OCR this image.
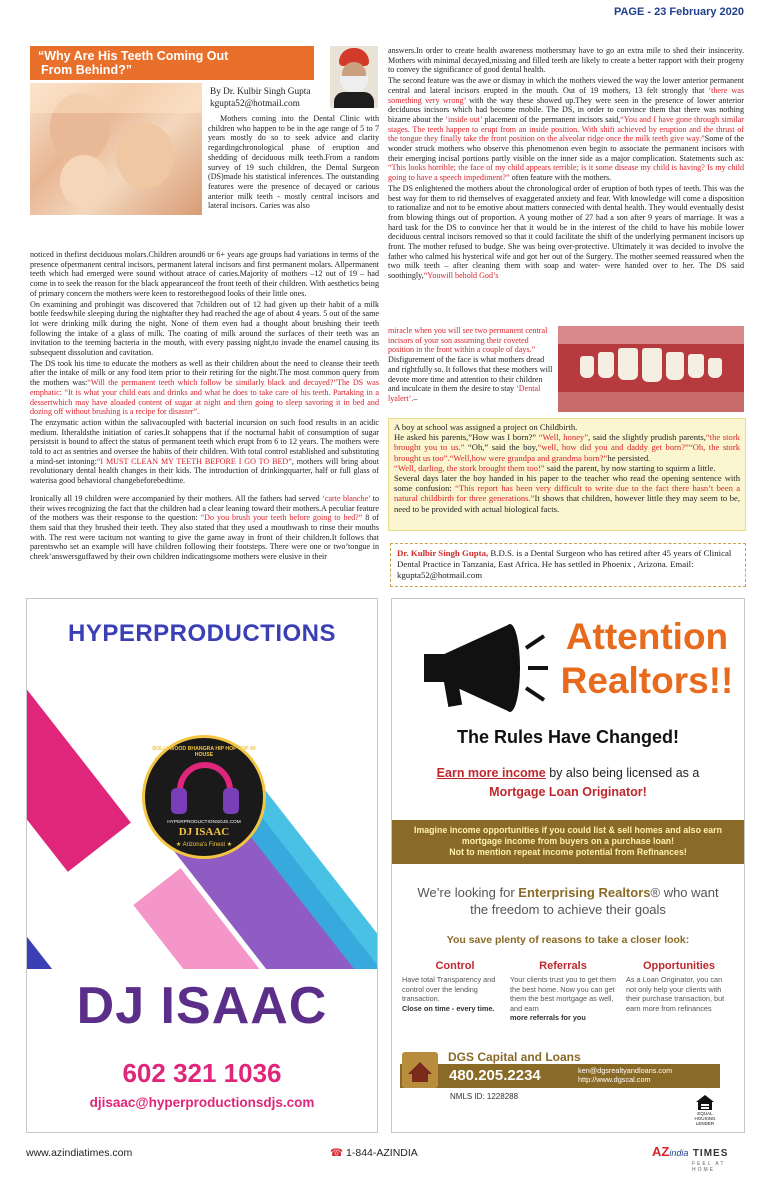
PAGE - 23 February 2020
“Why Are His Teeth Coming Out
From Behind?”
By Dr. Kulbir Singh Gupta
kgupta52@hotmail.com

Mothers coming into the Dental Clinic with children who happen to be in the age range of 5 to 7 years mostly do so to seek advice and clarity regardingchronological phase of eruption and shedding of deciduous milk teeth.From a random survey of 19 such children, the Dental Surgeon (DS)made his statistical inferences. The outstanding features were the presence of decayed or carious anterior milk teeth - mostly central incisors and lateral incisors. Caries was also

noticed in thefirst deciduous molars.Children around6 or 6+ years age groups had variations in terms of the presence ofpermanent central incisors, permanent lateral incisors and first permanent molars. Allpermanent teeth which had emerged were sound without atrace of caries.Majority of mothers –12 out of 19 – had come in to seek the reason for the black appearanceof the front teeth of their children. With aesthetics being of primary concern the mothers were keen to restorethegood looks of their little ones.

On examining and probingit was discovered that 7children out of 12 had given up their habit of a milk bottle feedswhile sleeping during the nightafter they had reached the age of about 4 years. 5 out of the same lot were drinking milk during the night. None of them even had a thought about brushing their teeth following the intake of a glass of milk. The coating of milk around the surfaces of their teeth was an invitation to the teeming bacteria in the mouth, with every passing night,to invade the enamel causing its subsequent dissolution and cavitation.

The DS took his time to educate the mothers as well as their children about the need to cleanse their teeth after the intake of milk or any food item prior to their retiring for the night.The most common query from the mothers was:“Will the permanent teeth which follow be similarly black and decayed?”The DS was emphatic: “It is what your child eats and drinks and what he does to take care of his teeth. Partaking in a dessertwhich may have aloaded content of sugar at night and then going to sleep savoring it in bed and dozing off without brushing is a recipe for disaster”.

The enzymatic action within the salivacoupled with bacterial incursion on such food results in an acidic medium. Itheraldsthe initiation of caries.It sohappens that if the nocturnal habit of consumption of sugar persistsit is bound to affect the status of permanent teeth which erupt from 6 to 12 years. The mothers were told to act as sentries and oversee the habits of their children. With total control established and substituting a mind-set intoning:“I MUST CLEAN MY TEETH BEFORE I GO TO BED”, mothers will bring about revolutionary dental health changes in their kids. The introduction of drinkingquarter, half or full glass of waterisa good behavioral changebeforebedtime.

Ironically all 19 children were accompanied by their mothers. All the fathers had served ‘carte blanche’ to their wives recognizing the fact that the children had a clear leaning toward their mothers.A peculiar feature of the mothers was their response to the question: “Do you brush your teeth before going to bed?” 8 of them said that they brushed their teeth. They also stated that they used a mouthwash to rinse their mouths with. The rest were taciturn not wanting to give the game away in front of their children.It follows that parentswho set an example will have children following their footsteps. There were one or two’tongue in cheek’answersguffawed by their own children indicatingsome mothers were elusive in their

answers.In order to create health awareness mothersmay have to go an extra mile to shed their insincerity. Mothers with minimal decayed,missing and filled teeth are likely to create a better rapport with their progeny to convey the significance of good dental health.

The second feature was the awe or dismay in which the mothers viewed the way the lower anterior permanent central and lateral incisors erupted in the mouth. Out of 19 mothers, 13 felt strongly that ‘there was something very wrong’ with the way these showed up.They were seen in the presence of lower anterior deciduous incisors which had become mobile. The DS, in order to convince them that there was nothing bizarre about the ‘inside out’ placement of the permanent incisors said,“You and I have gone through similar stages. The teeth happen to erupt from an inside position. With shift achieved by eruption and the thrust of the tongue they finally take the front position on the alveolar ridge once the milk teeth give way.”Some of the wonder struck mothers who observe this phenomenon even begin to associate the permanent incisors with their emerging incisal portions partly visible on the inner side as a major complication. Statements such as: “This looks horrible; the face of my child appears terrible; is it some disease my child is having? Is my child going to have a speech impediment?” often feature with the mothers.

The DS enlightened the mothers about the chronological order of eruption of both types of teeth. This was the best way for them to rid themselves of exaggerated anxiety and fear. With knowledge will come a disposition to rationalize and not to be emotive about matters connected with dental health. They would eventually desist from blowing things out of proportion. A young mother of 27 had a son after 9 years of marriage. It was a hard task for the DS to convince her that it would be in the interest of the child to have his mobile lower deciduous central incisors removed so that it could facilitate the shift of the underlying permanent incisors up front. The mother refused to budge. She was being over-protective. Ultimately it was decided to involve the father who calmed his hysterical wife and got her out of the Surgery. The mother seemed reassured when the two milk teeth – after cleaning them with soap and water- were handed over to her. The DS said soothingly,“Youwill behold God’s

miracle when you will see two permanent central incisors of your son assuming their coveted position in the front within a couple of days.” Disfigurement of the face is what mothers dread and rightfully so. It follows that these mothers will devote more time and attention to their children and inculcate in them the desire to stay ‘Dental lyalert’.–

A boy at school was assigned a project on Childbirth.

He asked his parents,”How was I born?” “Well, honey”, said the slightly prudish parents,“the stork brought you to us.” “Oh,” said the boy,“well, how did you and daddy get born?”“Oh, the stork brought us too”.“Well,how were grandpa and grandma born?”he persisted.

“Well, darling, the stork brought them too!” said the parent, by now starting to squirm a little.

Several days later the boy handed in his paper to the teacher who read the opening sentence with some confusion: “This report has been very difficult to write due to the fact there hasn’t been a natural childbirth for three generations.”It shows that children, however little they may seem to be, need to be provided with actual biological facts.

Dr. Kulbir Singh Gupta, B.D.S. is a Dental Surgeon who has retired after 45 years of Clinical Dental Practice in Tanzania, East Africa. He has settled in Phoenix , Arizona. Email: kgupta52@hotmail.com
HYPERPRODUCTIONS
BOLLYWOOD BHANGRA HIP HOP TOP 40 HOUSE
HYPERPRODUCTIONSDJS.COM
DJ ISAAC
★ Arizona's Finest ★
DJ ISAAC
602 321 1036
djisaac@hyperproductionsdjs.com
Attention
Realtors!!
The Rules Have Changed!
Earn more income by also being licensed as a
Mortgage Loan Originator!
Imagine income opportunities if you could list & sell homes and also earn
mortgage income from buyers on a purchase loan!
Not to mention repeat income potential from Refinances!
We’re looking for Enterprising Realtors® who want
the freedom to achieve their goals
You save plenty of reasons to take a closer look:
Control
Have total Transparency and control over the lending transaction.
Close on time - every time.
Referrals
Your clients trust you to get them the best home. Now you can get them the best mortgage as well, and earn
more referrals for you
Opportunities
As a Loan Originator, you can not only help your clients with their purchase transaction, but earn more from refinances
DGS Capital and Loans
480.205.2234	ken@dgsrealtyandloans.com
http://www.dgscal.com
NMLS ID: 1228288
EQUAL HOUSING LENDER
www.azindiatimes.com	☎ 1-844-AZINDIA	AZindia TIMES
FEEL AT HOME
